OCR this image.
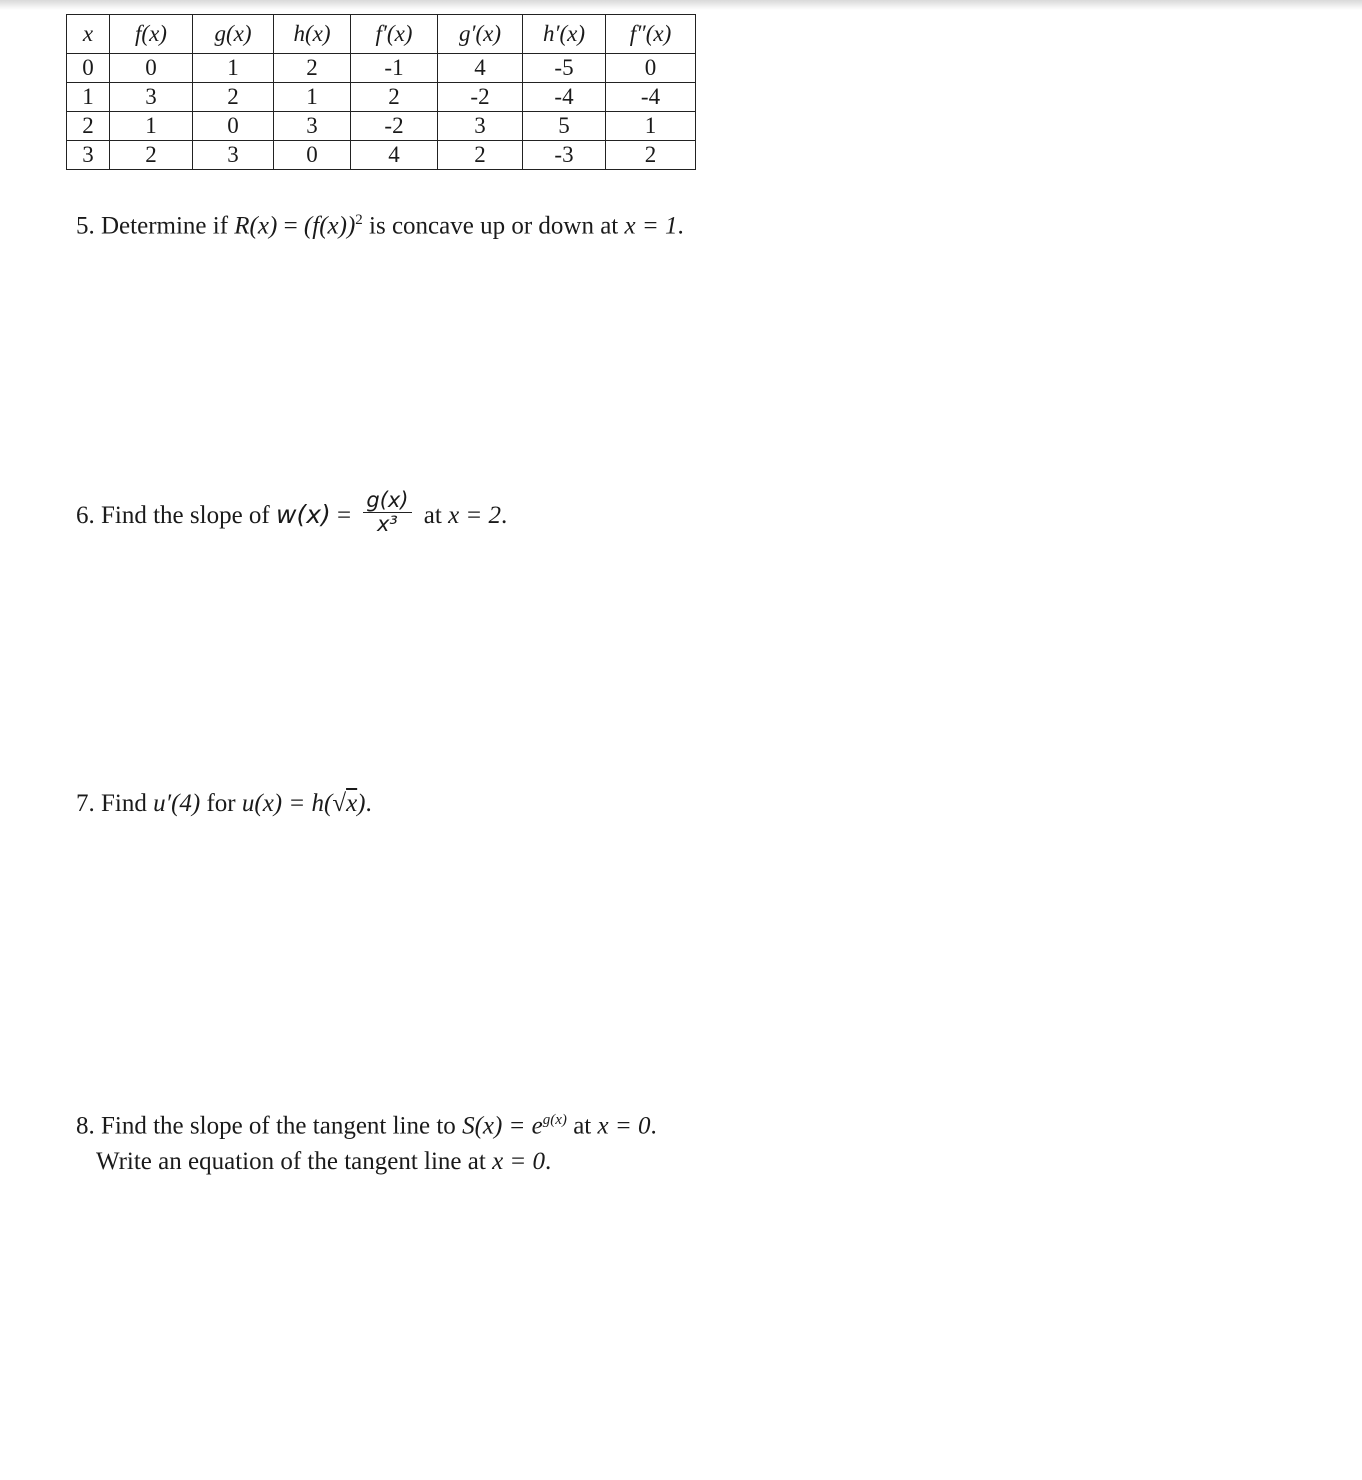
x	f(x)	g(x)	h(x)	f′(x)	g′(x)	h′(x)	f″(x)
0	0	1	2	-1	4	-5	0
1	3	2	1	2	-2	-4	-4
2	1	0	3	-2	3	5	1
3	2	3	0	4	2	-3	2
5. Determine if $R(x) = (f(x))^2$ is concave up or down at x = 1.
6. Find the slope of $w(x) = \frac{g(x)}{\text{x³}}$ at x = 2.
7. Find u′(4) for u(x) = h(√x).
8. Find the slope of the tangent line to $S(x) = e^{g(x)}$ at x = 0.
Write an equation of the tangent line at x = 0.
